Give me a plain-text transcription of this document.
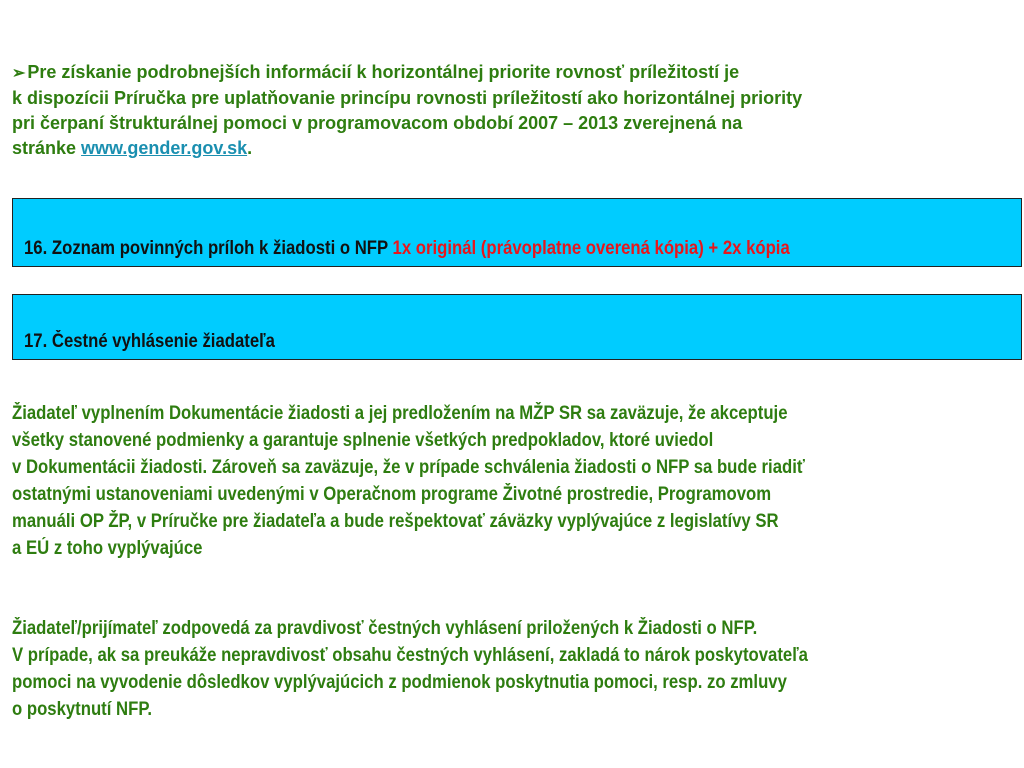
➢ Pre získanie podrobnejších informácií k horizontálnej priorite rovnosť príležitostí je
k dispozícii Príručka pre uplatňovanie princípu rovnosti príležitostí ako horizontálnej priority
pri čerpaní štrukturálnej pomoci v programovacom období 2007 – 2013 zverejnená na
stránke www.gender.gov.sk.
16. Zoznam povinných príloh k žiadosti o NFP 1x originál (právoplatne overená kópia) + 2x kópia
17. Čestné vyhlásenie žiadateľa
Žiadateľ vyplnením Dokumentácie žiadosti a jej predložením na MŽP SR sa zaväzuje, že akceptuje
všetky stanovené podmienky a garantuje splnenie všetkých predpokladov, ktoré uviedol
v Dokumentácii žiadosti. Zároveň sa zaväzuje, že v prípade schválenia žiadosti o NFP sa bude riadiť
ostatnými ustanoveniami uvedenými v Operačnom programe Životné prostredie, Programovom
manuáli OP ŽP, v Príručke pre žiadateľa a bude rešpektovať záväzky vyplývajúce z legislatívy SR
a EÚ z toho vyplývajúce
Žiadateľ/prijímateľ zodpovedá za pravdivosť čestných vyhlásení priložených k Žiadosti o NFP.
V prípade, ak sa preukáže nepravdivosť obsahu čestných vyhlásení, zakladá to nárok poskytovateľa
pomoci na vyvodenie dôsledkov vyplývajúcich z podmienok poskytnutia pomoci, resp. zo zmluvy
o poskytnutí NFP.
